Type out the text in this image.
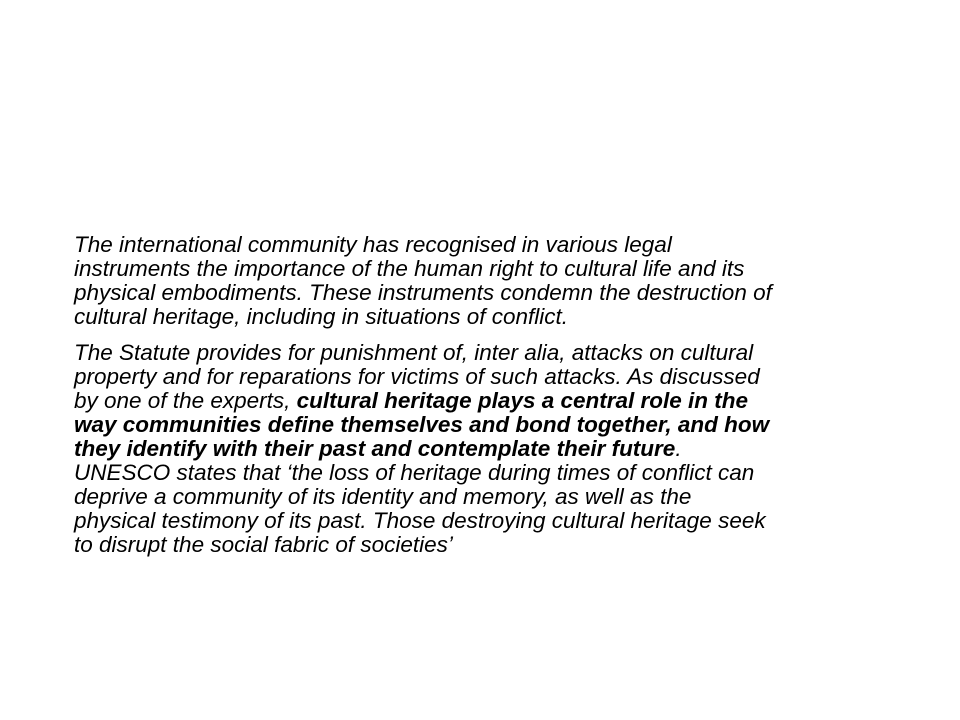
The international community has recognised in various legal
instruments the importance of the human right to cultural life and its
physical embodiments. These instruments condemn the destruction of
cultural heritage, including in situations of conflict.

The Statute provides for punishment of, inter alia, attacks on cultural
property and for reparations for victims of such attacks. As discussed
by one of the experts, cultural heritage plays a central role in the
way communities define themselves and bond together, and how
they identify with their past and contemplate their future.
UNESCO states that ‘the loss of heritage during times of conflict can
deprive a community of its identity and memory, as well as the
physical testimony of its past. Those destroying cultural heritage seek
to disrupt the social fabric of societies’
